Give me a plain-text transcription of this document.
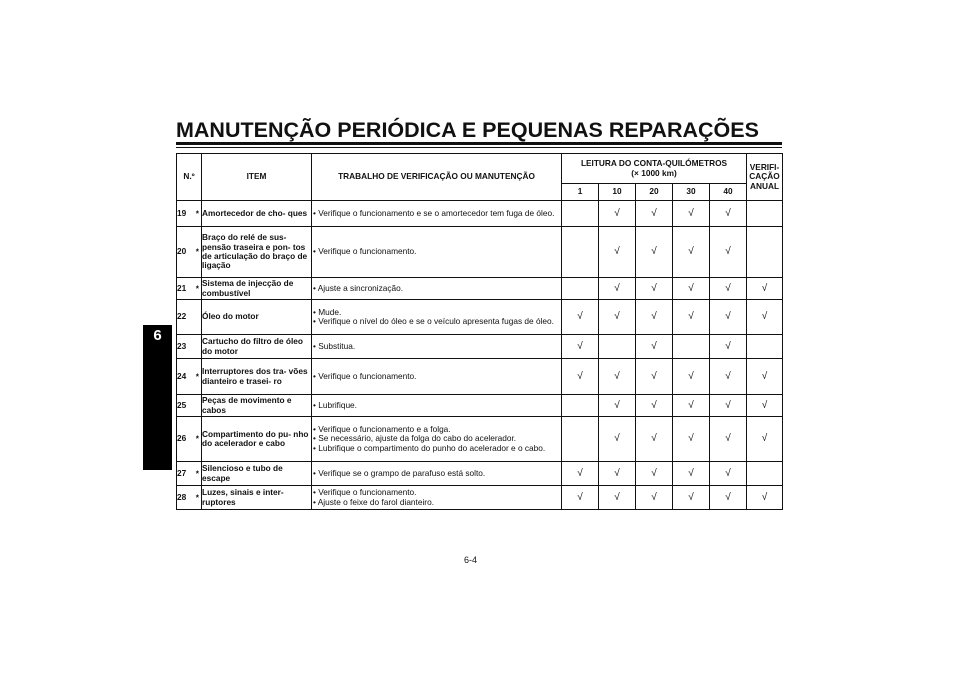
MANUTENÇÃO PERIÓDICA E PEQUENAS REPARAÇÕES
6
N.º	ITEM	TRABALHO DE VERIFICAÇÃO OU MANUTENÇÃO	LEITURA DO CONTA-QUILÓMETROS
(× 1000 km)					VERIFI- CAÇÃO ANUAL
			1	10	20	30	40	
19 *	Amortecedor de cho- ques	• Verifique o funcionamento e se o amortecedor tem fuga de óleo.		√	√	√	√	
20 *	Braço do relé de sus- pensão traseira e pon- tos de articulação do braço de ligação	• Verifique o funcionamento.		√	√	√	√	
21 *	Sistema de injecção de combustível	• Ajuste a sincronização.		√	√	√	√	√
22	Óleo do motor	• Mude.
• Verifique o nível do óleo e se o veículo apresenta fugas de óleo.	√	√	√	√	√	√
23	Cartucho do filtro de óleo do motor	• Substitua.	√		√		√	
24 *	Interruptores dos tra- vões dianteiro e trasei- ro	• Verifique o funcionamento.	√	√	√	√	√	√
25	Peças de movimento e cabos	• Lubrifique.		√	√	√	√	√
26 *	Compartimento do pu- nho do acelerador e cabo	• Verifique o funcionamento e a folga.
• Se necessário, ajuste da folga do cabo do acelerador.
• Lubrifique o compartimento do punho do acelerador e o cabo.		√	√	√	√	√
27 *	Silencioso e tubo de escape	• Verifique se o grampo de parafuso está solto.	√	√	√	√	√	
28 *	Luzes, sinais e inter- ruptores	• Verifique o funcionamento.
• Ajuste o feixe do farol dianteiro.	√	√	√	√	√	√
6-4
